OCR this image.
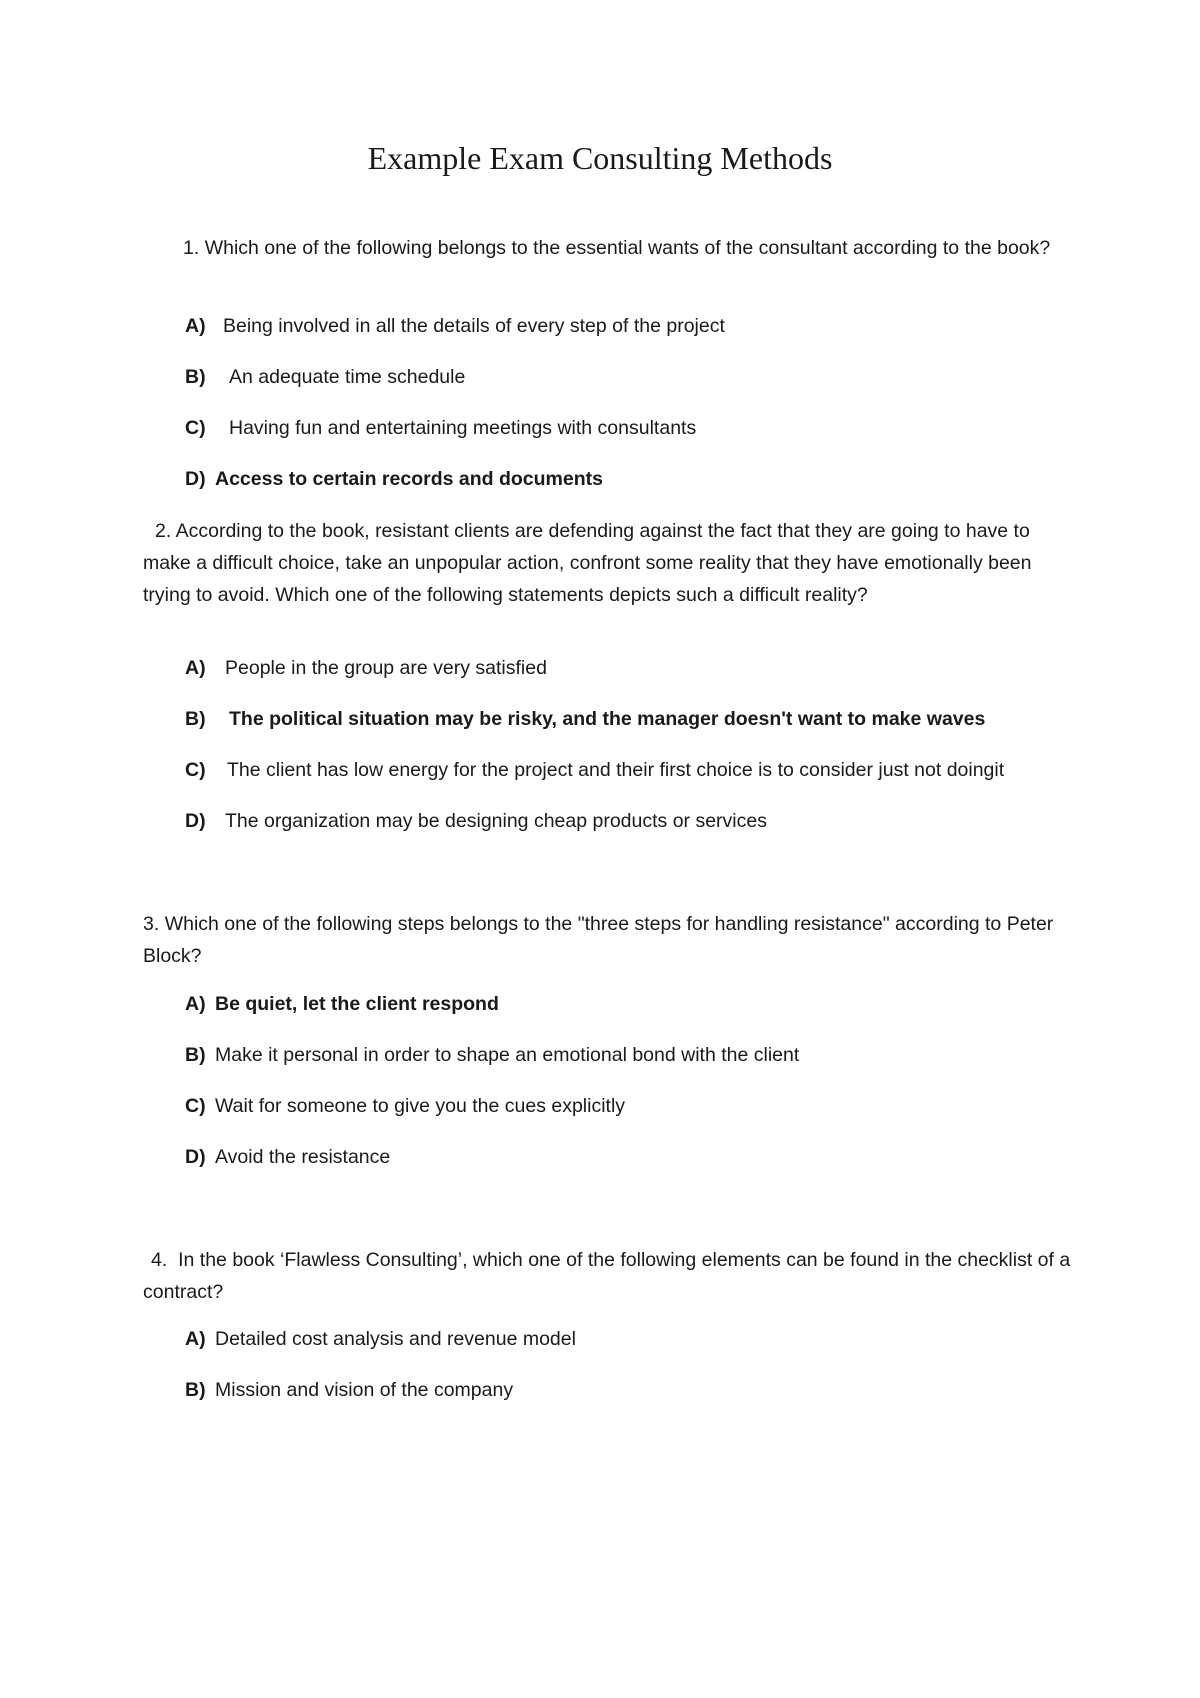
Example Exam Consulting Methods

1. Which one of the following belongs to the essential wants of the consultant according to the book?

A) Being involved in all the details of every step of the project

B) An adequate time schedule

C) Having fun and entertaining meetings with consultants

D) Access to certain records and documents

2. According to the book, resistant clients are defending against the fact that they are going to have to make a difficult choice, take an unpopular action, confront some reality that they have emotionally been trying to avoid. Which one of the following statements depicts such a difficult reality?

A) People in the group are very satisfied

B) The political situation may be risky, and the manager doesn't want to make waves

C) The client has low energy for the project and their first choice is to consider just not doingit

D) The organization may be designing cheap products or services

3. Which one of the following steps belongs to the "three steps for handling resistance" according to Peter Block?

A) Be quiet, let the client respond

B) Make it personal in order to shape an emotional bond with the client

C) Wait for someone to give you the cues explicitly

D) Avoid the resistance

4. In the book ‘Flawless Consulting’, which one of the following elements can be found in the checklist of a contract?

A) Detailed cost analysis and revenue model

B) Mission and vision of the company
